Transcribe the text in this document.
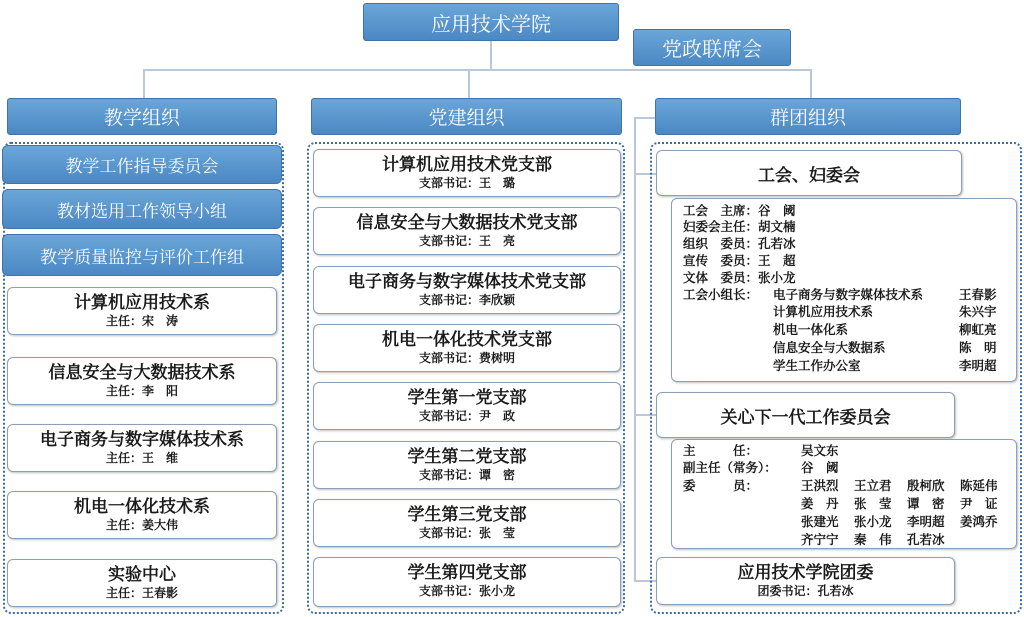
应用技术学院
党政联席会
教学组织	党建组织	群团组织
教学工作指导委员会
教材选用工作领导小组
教学质量监控与评价工作组
计算机应用技术系
主任：宋　涛
信息安全与大数据技术系
主任：李　阳
电子商务与数字媒体技术系
主任：王　维
机电一体化技术系
主任：姜大伟
实验中心
主任：王春影
计算机应用技术党支部
支部书记：王　璐
信息安全与大数据技术党支部
支部书记：王　亮
电子商务与数字媒体技术党支部
支部书记：李欣颖
机电一体化技术党支部
支部书记：费树明
学生第一党支部
支部书记：尹　政
学生第二党支部
支部书记：谭　密
学生第三党支部
支部书记：张　莹
学生第四党支部
支部书记：张小龙
工会、妇委会
工会　主席：谷　阈
妇委会主任：胡文楠
组织　委员：孔若冰
宣传　委员：王　超
文体　委员：张小龙
工会小组长： 电子商务与数字媒体技术系	王春影
计算机应用技术系	朱兴宇
机电一体化系	柳虹亮
信息安全与大数据系	陈　明
学生工作办公室	李明超
关心下一代工作委员会
主　　　任：	吴文东
副主任（常务）： 谷　阈
委　　　员：	王洪烈 王立君 殷柯欣 陈延伟
姜　丹 张　莹 谭　密 尹　证
张建光 张小龙 李明超 姜鸿乔
齐宁宁 秦　伟 孔若冰
应用技术学院团委
团委书记：孔若冰
